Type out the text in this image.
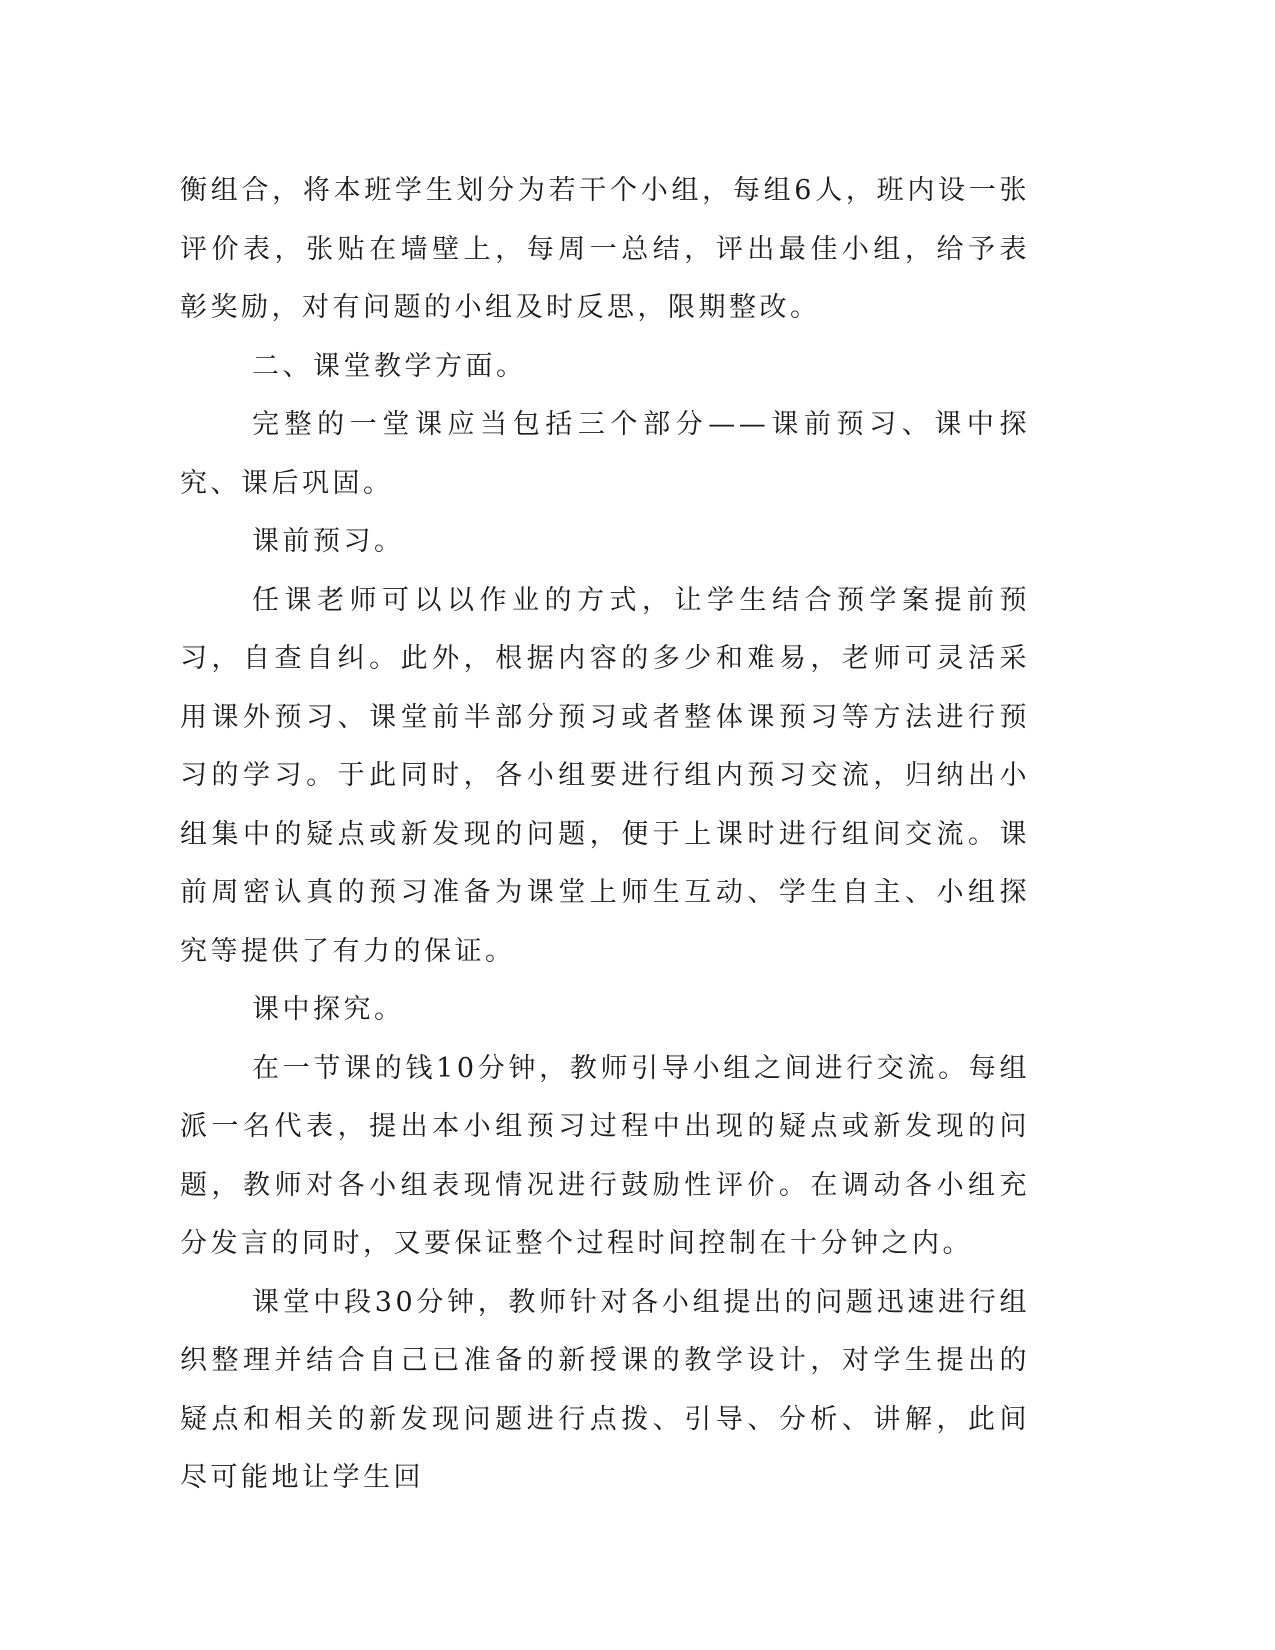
衡组合，将本班学生划分为若干个小组，每组6人，班内设一张评价表，张贴在墙壁上，每周一总结，评出最佳小组，给予表彰奖励，对有问题的小组及时反思，限期整改。

二、课堂教学方面。

完整的一堂课应当包括三个部分——课前预习、课中探究、课后巩固。

课前预习。

任课老师可以以作业的方式，让学生结合预学案提前预习，自查自纠。此外，根据内容的多少和难易，老师可灵活采用课外预习、课堂前半部分预习或者整体课预习等方法进行预习的学习。于此同时，各小组要进行组内预习交流，归纳出小组集中的疑点或新发现的问题，便于上课时进行组间交流。课前周密认真的预习准备为课堂上师生互动、学生自主、小组探究等提供了有力的保证。

课中探究。

在一节课的钱10分钟，教师引导小组之间进行交流。每组派一名代表，提出本小组预习过程中出现的疑点或新发现的问题，教师对各小组表现情况进行鼓励性评价。在调动各小组充分发言的同时，又要保证整个过程时间控制在十分钟之内。

课堂中段30分钟，教师针对各小组提出的问题迅速进行组织整理并结合自己已准备的新授课的教学设计，对学生提出的疑点和相关的新发现问题进行点拨、引导、分析、讲解，此间尽可能地让学生回
